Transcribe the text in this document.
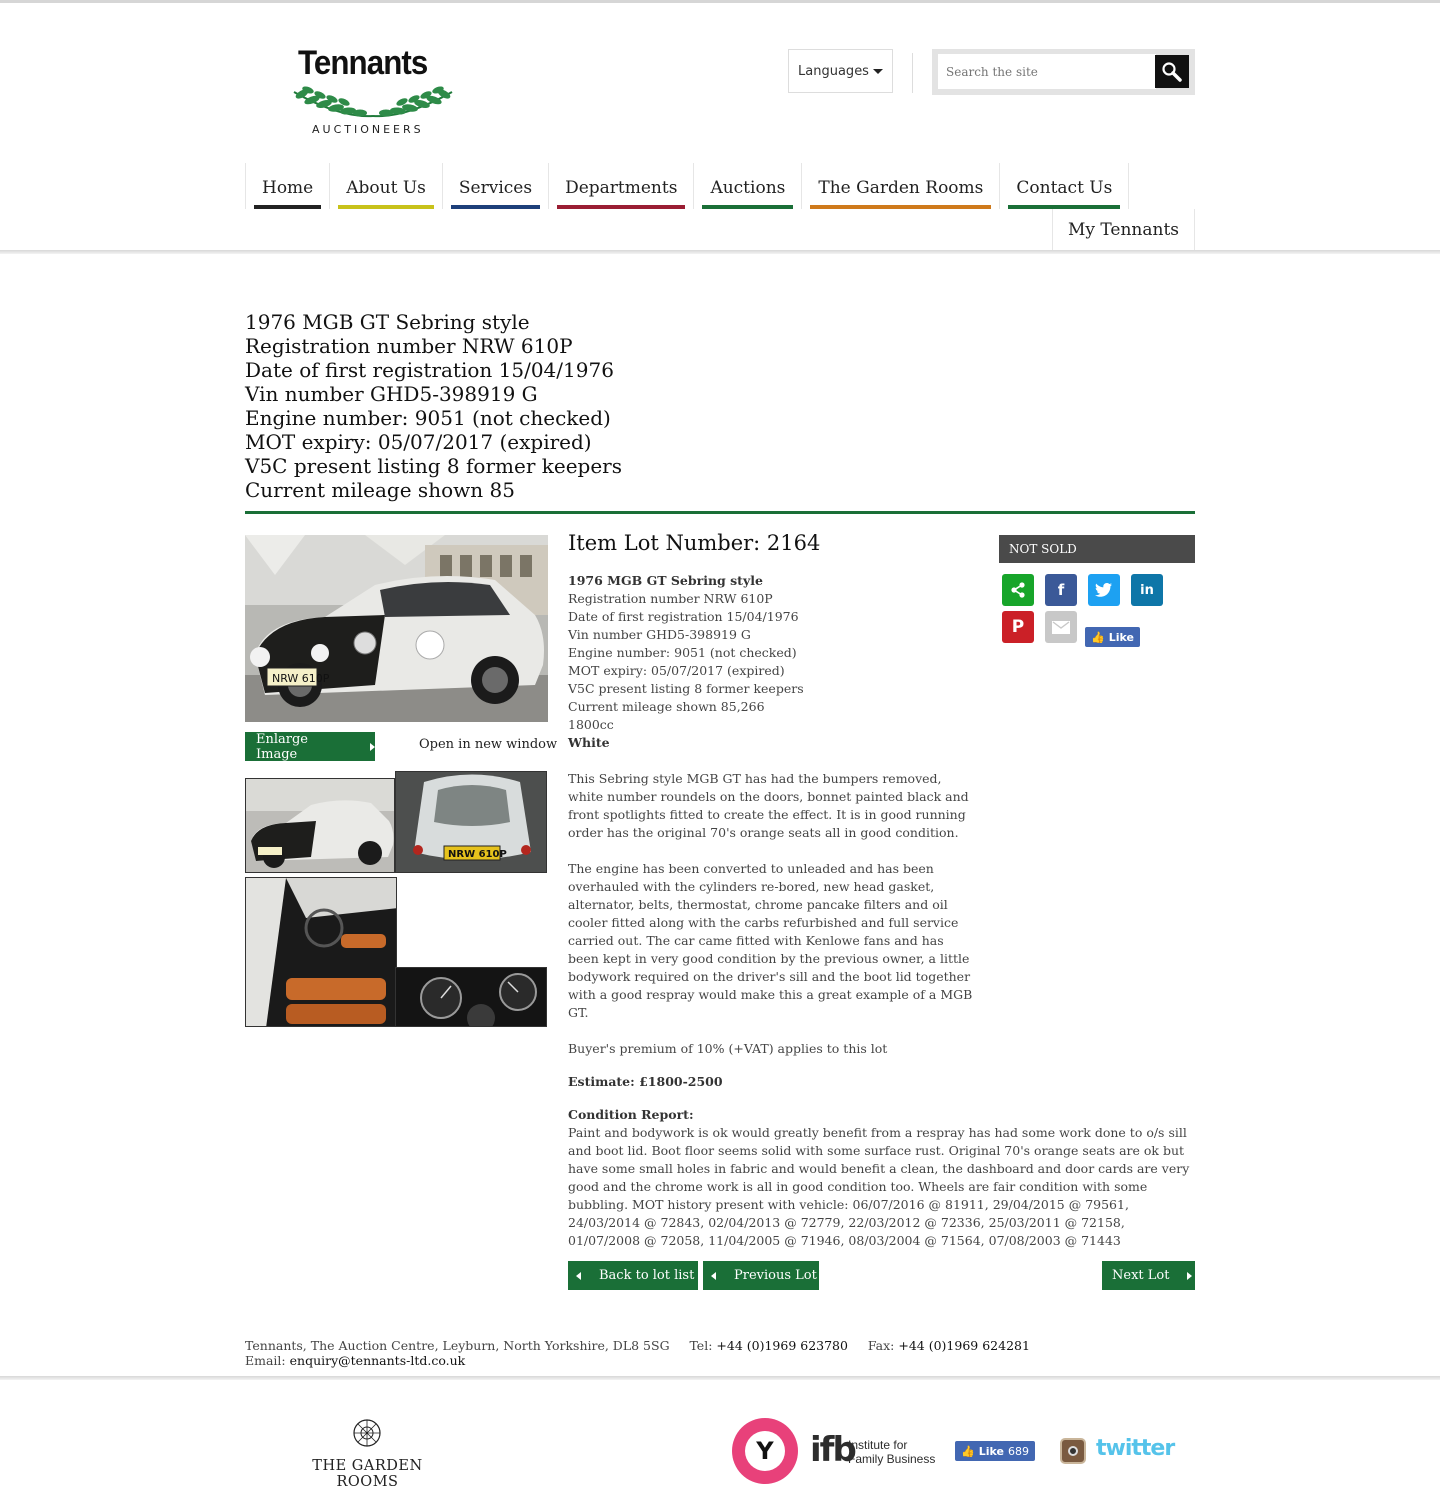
Tennants
AUCTIONEERS
Languages
Search the site
Home	About Us	Services	Departments	Auctions	The Garden Rooms	Contact Us
My Tennants
1976 MGB GT Sebring style
Registration number NRW 610P
Date of first registration 15/04/1976
Vin number GHD5-398919 G
Engine number: 9051 (not checked)
MOT expiry: 05/07/2017 (expired)
V5C present listing 8 former keepers
Current mileage shown 85
NRW 610P
Enlarge Image
Open in new window
NRW 610P
Item Lot Number: 2164
1976 MGB GT Sebring style
Registration number NRW 610P
Date of first registration 15/04/1976
Vin number GHD5-398919 G
Engine number: 9051 (not checked)
MOT expiry: 05/07/2017 (expired)
V5C present listing 8 former keepers
Current mileage shown 85,266
1800cc
White
This Sebring style MGB GT has had the bumpers removed, white number roundels on the doors, bonnet painted black and front spotlights fitted to create the effect. It is in good running order has the original 70's orange seats all in good condition.
The engine has been converted to unleaded and has been overhauled with the cylinders re-bored, new head gasket, alternator, belts, thermostat, chrome pancake filters and oil cooler fitted along with the carbs refurbished and full service carried out. The car came fitted with Kenlowe fans and has been kept in very good condition by the previous owner, a little bodywork required on the driver's sill and the boot lid together with a good respray would make this a great example of a MGB GT.
Buyer's premium of 10% (+VAT) applies to this lot
Estimate: £1800-2500
Condition Report:
Paint and bodywork is ok would greatly benefit from a respray has had some work done to o/s sill and boot lid. Boot floor seems solid with some surface rust. Original 70's orange seats are ok but have some small holes in fabric and would benefit a clean, the dashboard and door cards are very good and the chrome work is all in good condition too. Wheels are fair condition with some bubbling. MOT history present with vehicle: 06/07/2016 @ 81911, 29/04/2015 @ 79561, 24/03/2014 @ 72843, 02/04/2013 @ 72779, 22/03/2012 @ 72336, 25/03/2011 @ 72158, 01/07/2008 @ 72058, 11/04/2005 @ 71946, 08/03/2004 @ 71564, 07/08/2003 @ 71443
Back to lot list	Previous Lot	Next Lot
NOT SOLD
f	in
P	👍 Like
Tennants, The Auction Centre, Leyburn, North Yorkshire, DL8 5SG Tel: +44 (0)1969 623780 Fax: +44 (0)1969 624281
Email: enquiry@tennants-ltd.co.uk
THE GARDEN ROOMS
Y	ifb
Institute for
Family Business
👍 Like 689	twitter
